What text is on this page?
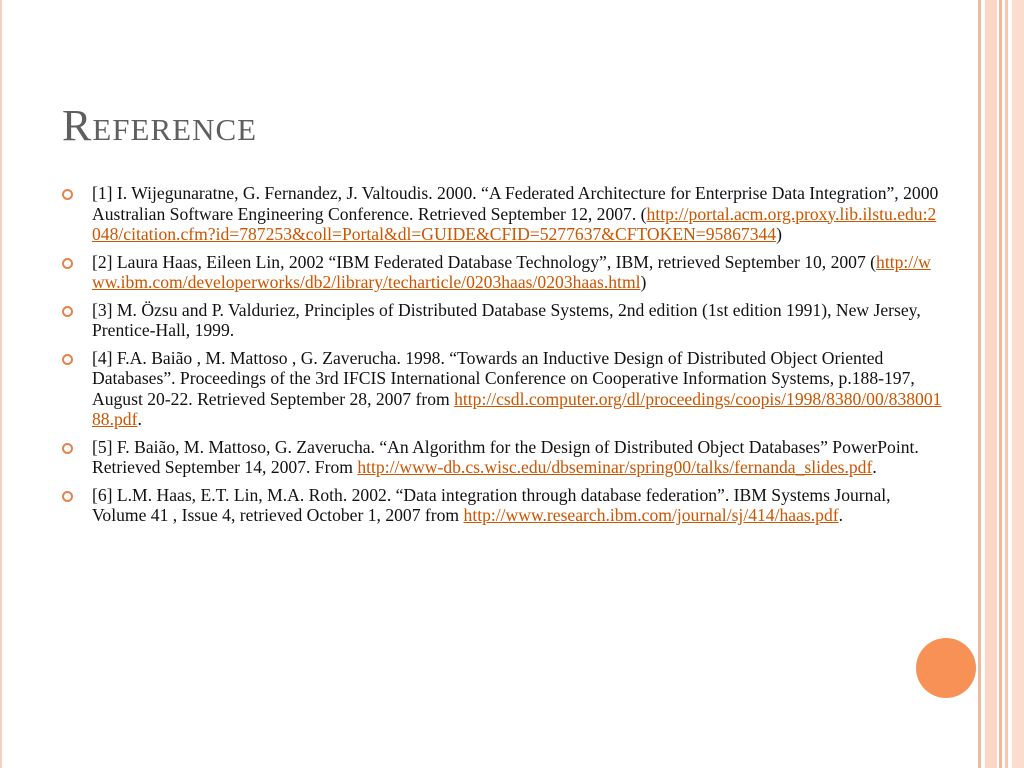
Reference
[1] I. Wijegunaratne, G. Fernandez, J. Valtoudis. 2000. “A Federated Architecture for Enterprise Data Integration”, 2000 Australian Software Engineering Conference. Retrieved September 12, 2007. (http://portal.acm.org.proxy.lib.ilstu.edu:2048/citation.cfm?id=787253&coll=Portal&dl=GUIDE&CFID=5277637&CFTOKEN=95867344)
[2] Laura Haas, Eileen Lin, 2002 “IBM Federated Database Technology”, IBM, retrieved September 10, 2007 (http://www.ibm.com/developerworks/db2/library/techarticle/0203haas/0203haas.html)
[3] M. Özsu and P. Valduriez, Principles of Distributed Database Systems, 2nd edition (1st edition 1991), New Jersey, Prentice-Hall, 1999.
[4] F.A. Baião , M. Mattoso , G. Zaverucha. 1998. “Towards an Inductive Design of Distributed Object Oriented Databases”. Proceedings of the 3rd IFCIS International Conference on Cooperative Information Systems, p.188-197, August 20-22. Retrieved September 28, 2007 from http://csdl.computer.org/dl/proceedings/coopis/1998/8380/00/83800188.pdf.
[5] F. Baião, M. Mattoso, G. Zaverucha. “An Algorithm for the Design of Distributed Object Databases” PowerPoint. Retrieved September 14, 2007. From http://www-db.cs.wisc.edu/dbseminar/spring00/talks/fernanda_slides.pdf.
[6] L.M. Haas, E.T. Lin, M.A. Roth. 2002. “Data integration through database federation”. IBM Systems Journal, Volume 41 , Issue 4, retrieved October 1, 2007 from http://www.research.ibm.com/journal/sj/414/haas.pdf.
